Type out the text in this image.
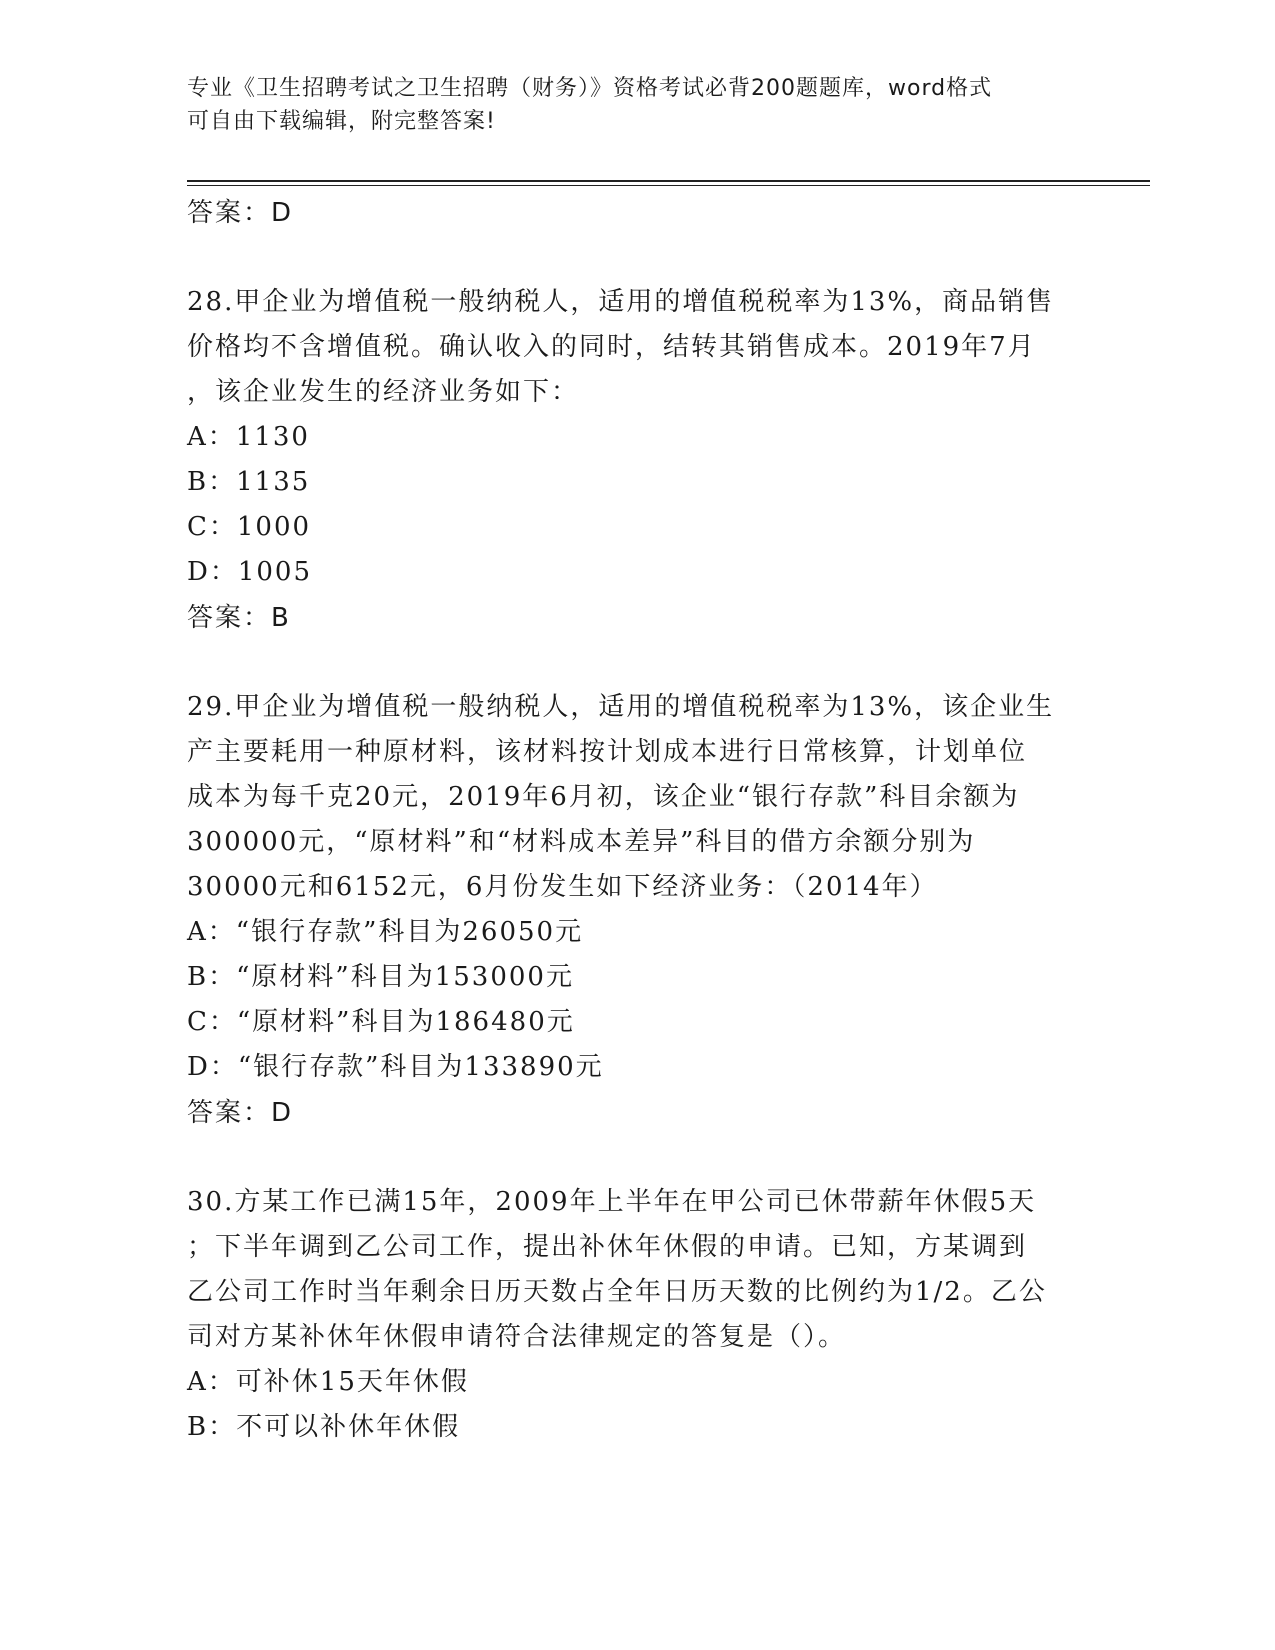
专业《卫生招聘考试之卫生招聘（财务）》资格考试必背200题题库，word格式
可自由下载编辑，附完整答案!

答案：D

28.甲企业为增值税一般纳税人，适用的增值税税率为13%，商品销售
价格均不含增值税。确认收入的同时，结转其销售成本。2019年7月
，该企业发生的经济业务如下：

A：1130

B：1135

C：1000

D：1005

答案：B

29.甲企业为增值税一般纳税人，适用的增值税税率为13%，该企业生
产主要耗用一种原材料，该材料按计划成本进行日常核算，计划单位
成本为每千克20元，2019年6月初，该企业“银行存款”科目余额为
300000元，“原材料”和“材料成本差异”科目的借方余额分别为
30000元和6152元，6月份发生如下经济业务：（2014年）

A：“银行存款”科目为26050元

B：“原材料”科目为153000元

C：“原材料”科目为186480元

D：“银行存款”科目为133890元

答案：D

30.方某工作已满15年，2009年上半年在甲公司已休带薪年休假5天
；下半年调到乙公司工作，提出补休年休假的申请。已知，方某调到
乙公司工作时当年剩余日历天数占全年日历天数的比例约为1/2。乙公
司对方某补休年休假申请符合法律规定的答复是（）。

A：可补休15天年休假

B：不可以补休年休假
